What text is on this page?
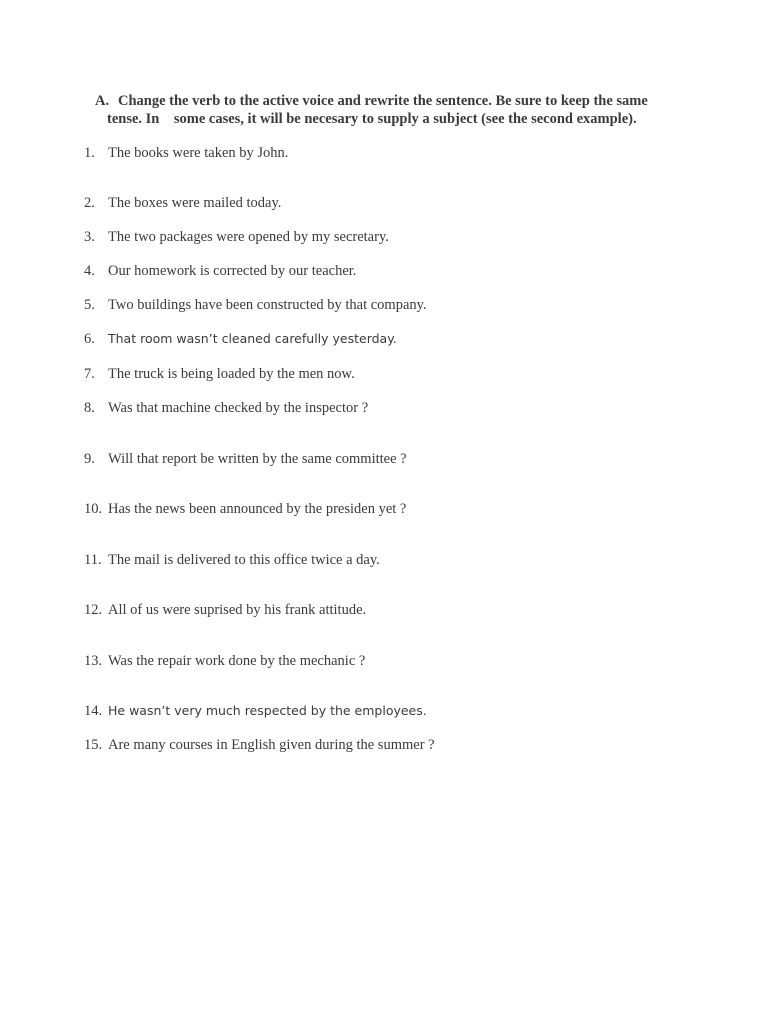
A. Change the verb to the active voice and rewrite the sentence. Be sure to keep the same
tense. In    some cases, it will be necesary to supply a subject (see the second example).
1. The books were taken by John.
2. The boxes were mailed today.
3. The two packages were opened by my secretary.
4. Our homework is corrected by our teacher.
5. Two buildings have been constructed by that company.
6. That room wasn’t cleaned carefully yesterday.
7. The truck is being loaded by the men now.
8. Was that machine checked by the inspector ?
9. Will that report be written by the same committee ?
10. Has the news been announced by the presiden yet ?
11. The mail is delivered to this office twice a day.
12. All of us were suprised by his frank attitude.
13. Was the repair work done by the mechanic ?
14. He wasn’t very much respected by the employees.
15. Are many courses in English given during the summer ?
